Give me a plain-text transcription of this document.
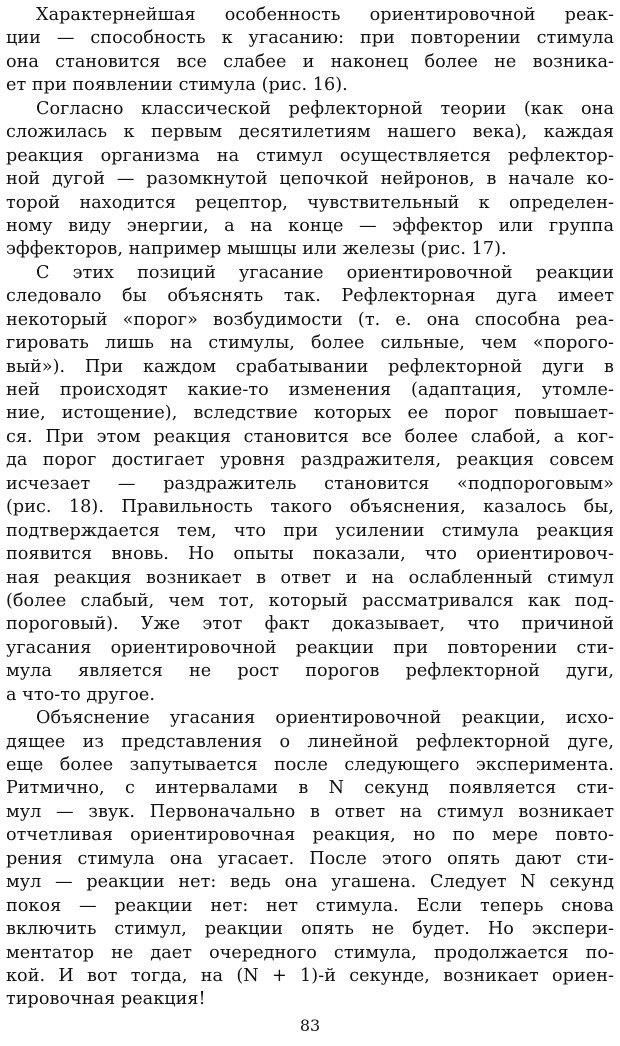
Характернейшая особенность ориентировочной реак-
ции — способность к угасанию: при повторении стимула
она становится все слабее и наконец более не возника-
ет при появлении стимула (рис. 16).
Согласно классической рефлекторной теории (как она
сложилась к первым десятилетиям нашего века), каждая
реакция организма на стимул осуществляется рефлектор-
ной дугой — разомкнутой цепочкой нейронов, в начале ко-
торой находится рецептор, чувствительный к определен-
ному виду энергии, а на конце — эффектор или группа
эффекторов, например мышцы или железы (рис. 17).
С этих позиций угасание ориентировочной реакции
следовало бы объяснять так. Рефлекторная дуга имеет
некоторый «порог» возбудимости (т. е. она способна реа-
гировать лишь на стимулы, более сильные, чем «порого-
вый»). При каждом срабатывании рефлекторной дуги в
ней происходят какие-то изменения (адаптация, утомле-
ние, истощение), вследствие которых ее порог повышает-
ся. При этом реакция становится все более слабой, а ког-
да порог достигает уровня раздражителя, реакция совсем
исчезает — раздражитель становится «подпороговым»
(рис. 18). Правильность такого объяснения, казалось бы,
подтверждается тем, что при усилении стимула реакция
появится вновь. Но опыты показали, что ориентировоч-
ная реакция возникает в ответ и на ослабленный стимул
(более слабый, чем тот, который рассматривался как под-
пороговый). Уже этот факт доказывает, что причиной
угасания ориентировочной реакции при повторении сти-
мула является не рост порогов рефлекторной дуги,
а что-то другое.
Объяснение угасания ориентировочной реакции, исхо-
дящее из представления о линейной рефлекторной дуге,
еще более запутывается после следующего эксперимента.
Ритмично, с интервалами в N секунд появляется сти-
мул — звук. Первоначально в ответ на стимул возникает
отчетливая ориентировочная реакция, но по мере повто-
рения стимула она угасает. После этого опять дают сти-
мул — реакции нет: ведь она угашена. Следует N секунд
покоя — реакции нет: нет стимула. Если теперь снова
включить стимул, реакции опять не будет. Но экспери-
ментатор не дает очередного стимула, продолжается по-
кой. И вот тогда, на (N + 1)-й секунде, возникает ориен-
тировочная реакция!
83
